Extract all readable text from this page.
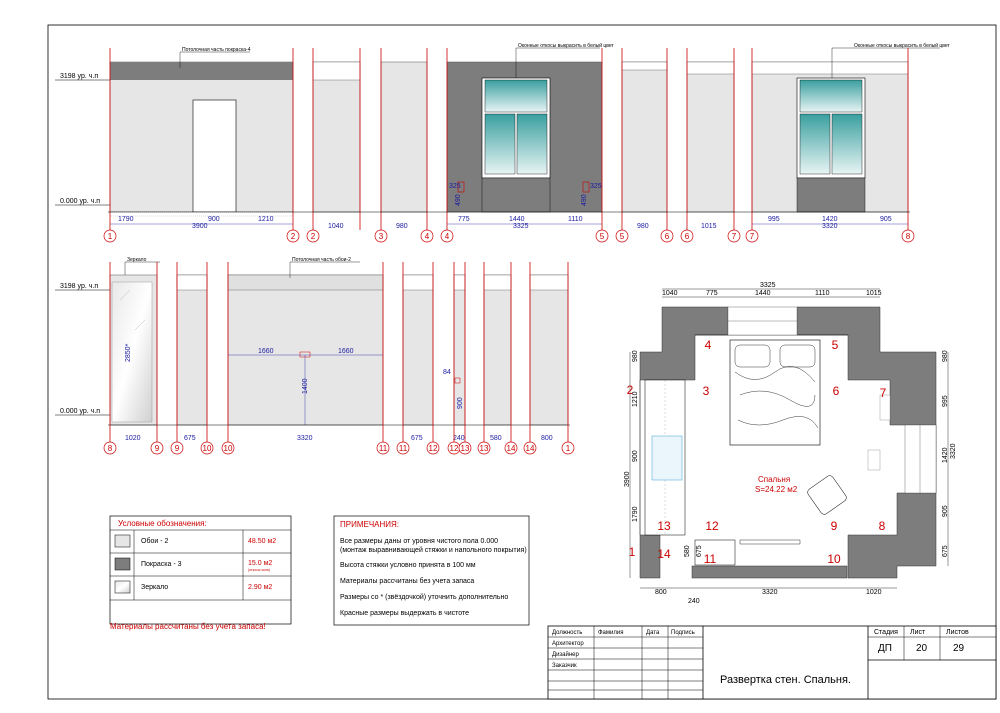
3198 ур. ч.п
0.000 ур. ч.п
Потолочная часть покраска-4
1790	900	1210
3900	1040	980
Оконные откосы выкрасить в белый цвет
325	325
490	490
775	1440	1110
3325	980	1015
Оконные откосы выкрасить в белый цвет
995	1420	905
3320
1	2 2	3	4 4	5 5	6 6	7 7	8
3198 ур. ч.п
0.000 ур. ч.п
Зеркало
2850*
1020	675
Потолочная часть обои-2
1660	1660
1400
3320	675
84
900
240	580	800
8	9 9	10 10	11 11	12 12 13 13 14 14	1
Спальня
S=24.22 м2
3325
1040	775	1440	1110	1015
800	3320	1020
240
3900
980
1210
900
1790
3320
980
995
1420
905
675
580 675
1
2	3
4	5
6	7
8
9
10
11
12
13
14
Условные обозначения:
Обои - 2	48.50 м2
Покраска - 3	15.0 м2
(откосы окна)
Зеркало	2.90 м2
Материалы рассчитаны без учета запаса!
ПРИМЕЧАНИЯ:
Все размеры даны от уровня чистого пола 0.000
(монтаж выравнивающей стяжки и напольного покрытия)
Высота стяжки условно принята в 100 мм
Материалы рассчитаны без учета запаса
Размеры со * (звёздочкой) уточнить дополнительно
Красные размеры выдержать в чистоте
Должность	Фамилия	Дата Подпись
Архитектор
Дизайнер
Заказчик
Стадия Лист	Листов
ДП 20	29
Развертка стен. Спальня.
